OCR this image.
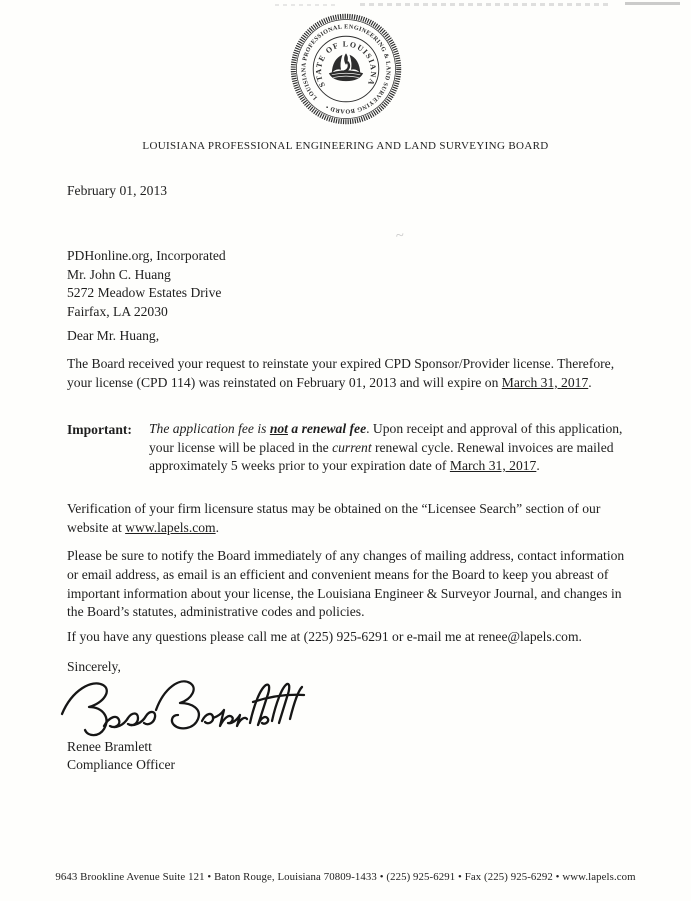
~
LOUISIANA PROFESSIONAL ENGINEERING & LAND SURVEYING BOARD •
STATE OF LOUISIANA
LOUISIANA PROFESSIONAL ENGINEERING AND LAND SURVEYING BOARD
February 01, 2013
PDHonline.org, Incorporated
Mr. John C. Huang
5272 Meadow Estates Drive
Fairfax, LA 22030
Dear Mr. Huang,
The Board received your request to reinstate your expired CPD Sponsor/Provider license. Therefore, your license (CPD 114) was reinstated on February 01, 2013 and will expire on March 31, 2017.
Important:	The application fee is not a renewal fee. Upon receipt and approval of this application, your license will be placed in the current renewal cycle. Renewal invoices are mailed approximately 5 weeks prior to your expiration date of March 31, 2017.
Verification of your firm licensure status may be obtained on the “Licensee Search” section of our website at www.lapels.com.
Please be sure to notify the Board immediately of any changes of mailing address, contact information or email address, as email is an efficient and convenient means for the Board to keep you abreast of important information about your license, the Louisiana Engineer & Surveyor Journal, and changes in the Board’s statutes, administrative codes and policies.
If you have any questions please call me at (225) 925-6291 or e-mail me at renee@lapels.com.
Sincerely,
Renee Bramlett
Compliance Officer
9643 Brookline Avenue Suite 121 • Baton Rouge, Louisiana 70809-1433 • (225) 925-6291 • Fax (225) 925-6292 • www.lapels.com
